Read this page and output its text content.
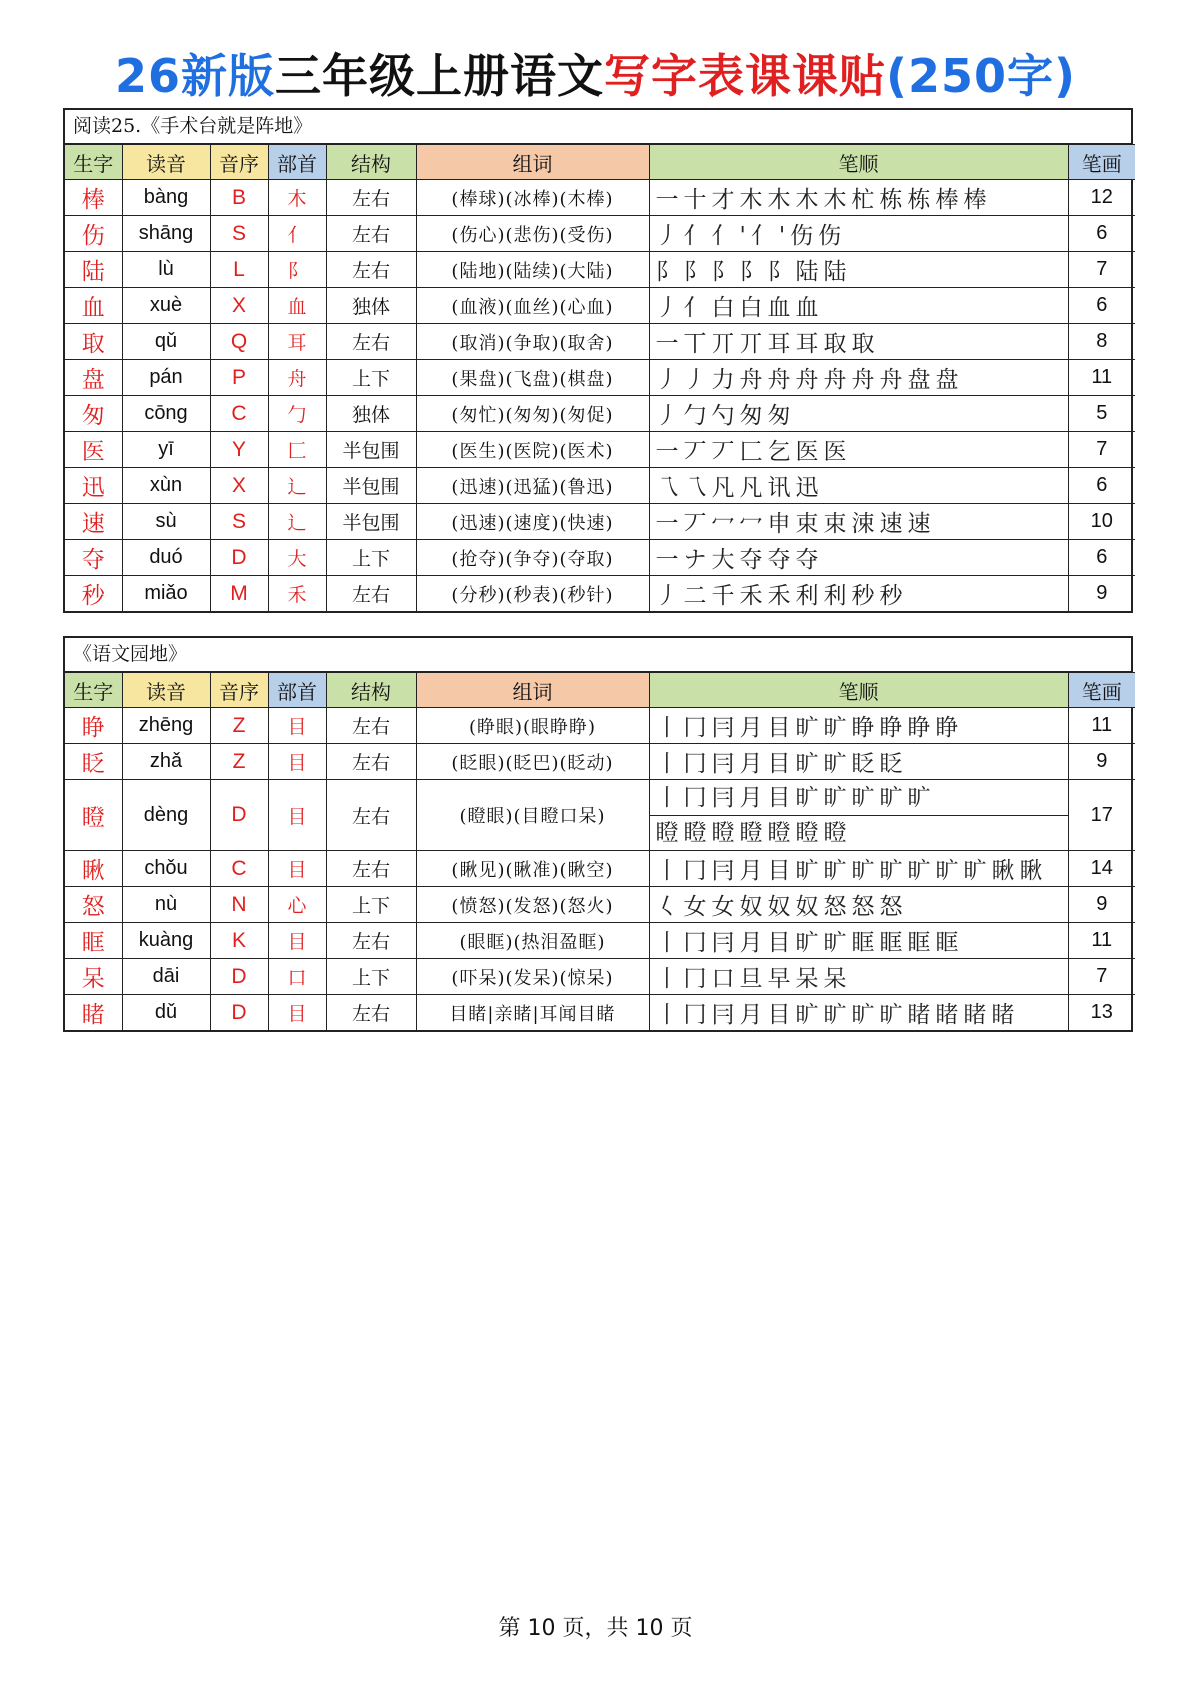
26新版三年级上册语文写字表课课贴(250字)
阅读25.《手术台就是阵地》
生字	读音	音序	部首	结构	组词	笔顺	笔画
棒	bàng	B	木	左右	(棒球)(冰棒)(木棒)	一十才木木木木杧栋栋棒棒	12
伤	shāng	S	亻	左右	(伤心)(悲伤)(受伤)	丿亻亻'亻'伤伤	6
陆	lù	L	阝	左右	(陆地)(陆续)(大陆)	阝阝阝阝阝陆陆	7
血	xuè	X	血	独体	(血液)(血丝)(心血)	丿亻白白血血	6
取	qǔ	Q	耳	左右	(取消)(争取)(取舍)	一丅丌丌耳耳取取	8
盘	pán	P	舟	上下	(果盘)(飞盘)(棋盘)	丿丿力舟舟舟舟舟舟盘盘	11
匆	cōng	C	勹	独体	(匆忙)(匆匆)(匆促)	丿勹勺匆匆	5
医	yī	Y	匚	半包围	(医生)(医院)(医术)	一丆丆匚乞医医	7
迅	xùn	X	辶	半包围	(迅速)(迅猛)(鲁迅)	乁乁凡凡讯迅	6
速	sù	S	辶	半包围	(迅速)(速度)(快速)	一丆冖冖申束束涑速速	10
夺	duó	D	大	上下	(抢夺)(争夺)(夺取)	一ナ大夺夺夺	6
秒	miǎo	M	禾	左右	(分秒)(秒表)(秒针)	丿二千禾禾利利秒秒	9
《语文园地》
生字	读音	音序	部首	结构	组词	笔顺	笔画
睁	zhēng	Z	目	左右	(睁眼)(眼睁睁)	丨冂冃月目旷旷睁睁睁睁	11
眨	zhǎ	Z	目	左右	(眨眼)(眨巴)(眨动)	丨冂冃月目旷旷眨眨	9
瞪	dèng	D	目	左右	(瞪眼)(目瞪口呆)	丨冂冃月目旷旷旷旷旷
瞪瞪瞪瞪瞪瞪瞪	17
瞅	chǒu	C	目	左右	(瞅见)(瞅准)(瞅空)	丨冂冃月目旷旷旷旷旷旷旷瞅瞅	14
怒	nù	N	心	上下	(愤怒)(发怒)(怒火)	𡿨女女奴奴奴怒怒怒	9
眶	kuàng	K	目	左右	(眼眶)(热泪盈眶)	丨冂冃月目旷旷眶眶眶眶	11
呆	dāi	D	口	上下	(吓呆)(发呆)(惊呆)	丨冂口旦早呆呆	7
睹	dǔ	D	目	左右	目睹|亲睹|耳闻目睹	丨冂冃月目旷旷旷旷睹睹睹睹	13
第 10 页，共 10 页
